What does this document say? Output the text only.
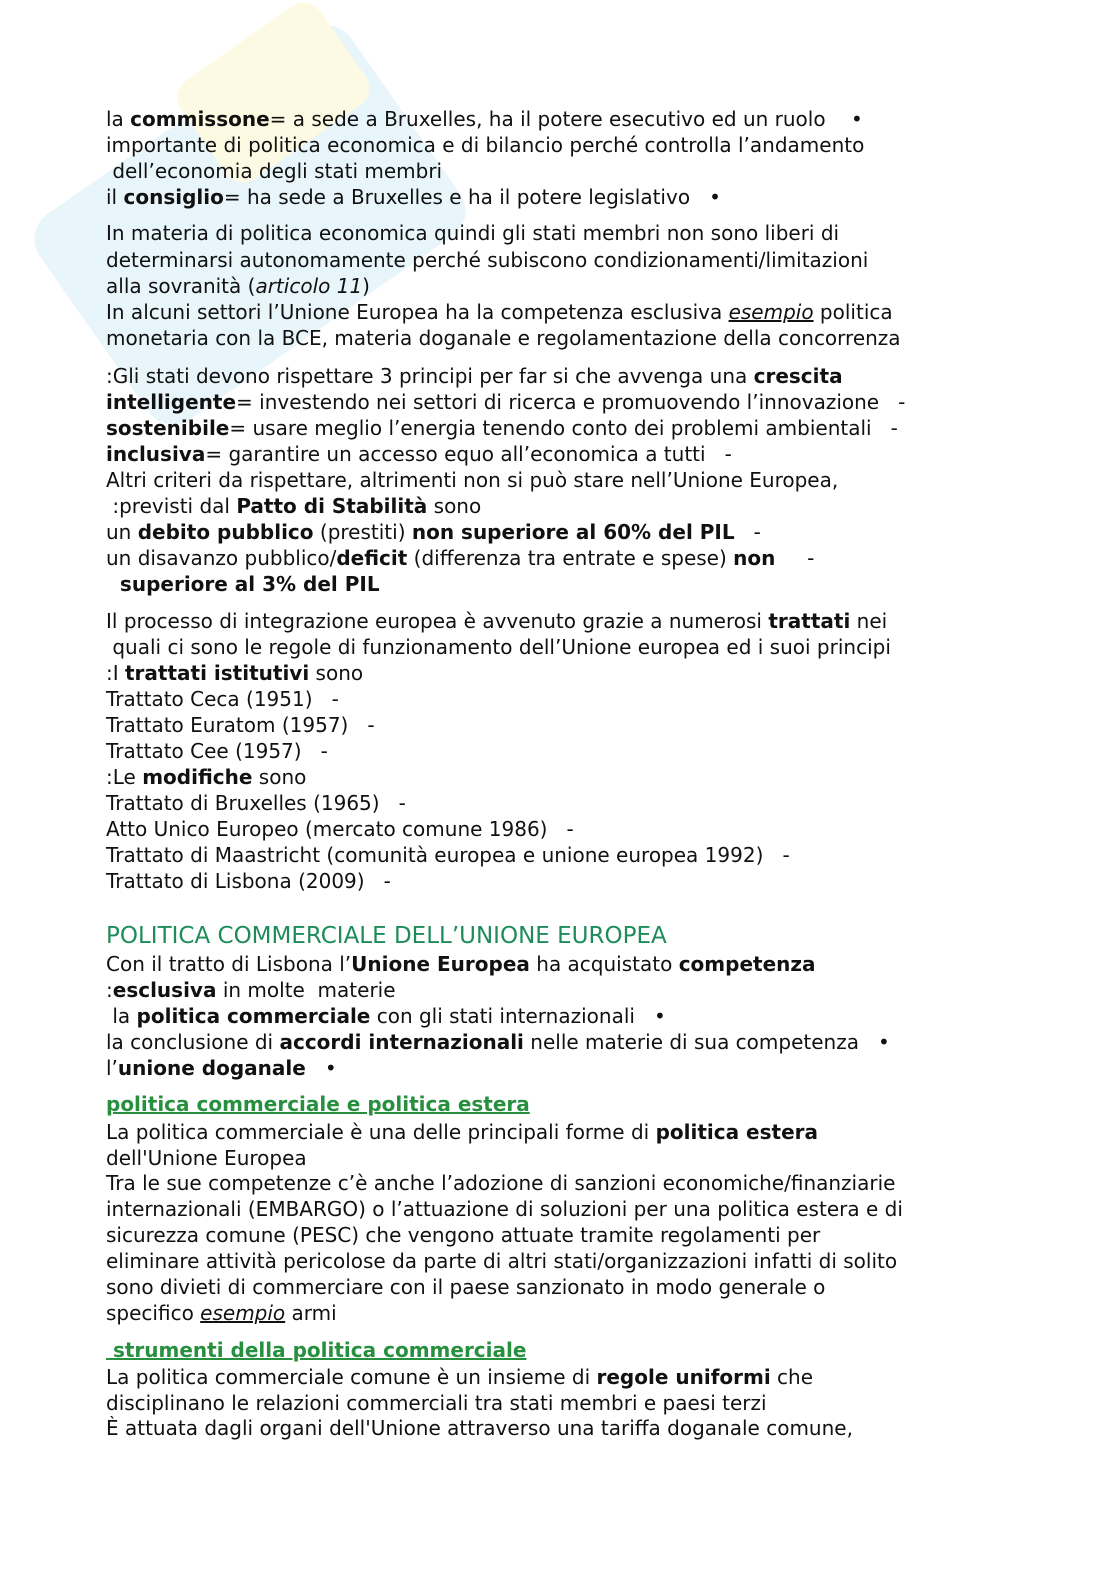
la commissone= a sede a Bruxelles, ha il potere esecutivo ed un ruolo    •
importante di politica economica e di bilancio perché controlla l’andamento
dell’economia degli stati membri
il consiglio= ha sede a Bruxelles e ha il potere legislativo   •
In materia di politica economica quindi gli stati membri non sono liberi di
determinarsi autonomamente perché subiscono condizionamenti/limitazioni
alla sovranità (articolo 11)
In alcuni settori l’Unione Europea ha la competenza esclusiva esempio politica
monetaria con la BCE, materia doganale e regolamentazione della concorrenza
:Gli stati devono rispettare 3 principi per far si che avvenga una crescita
intelligente= investendo nei settori di ricerca e promuovendo l’innovazione   -
sostenibile= usare meglio l’energia tenendo conto dei problemi ambientali   -
inclusiva= garantire un accesso equo all’economica a tutti   -
Altri criteri da rispettare, altrimenti non si può stare nell’Unione Europea,
:previsti dal Patto di Stabilità sono
un debito pubblico (prestiti) non superiore al 60% del PIL   -
un disavanzo pubblico/deficit (differenza tra entrate e spese) non     -
superiore al 3% del PIL
Il processo di integrazione europea è avvenuto grazie a numerosi trattati nei
quali ci sono le regole di funzionamento dell’Unione europea ed i suoi principi
:I trattati istitutivi sono
Trattato Ceca (1951)   -
Trattato Euratom (1957)   -
Trattato Cee (1957)   -
:Le modifiche sono
Trattato di Bruxelles (1965)   -
Atto Unico Europeo (mercato comune 1986)   -
Trattato di Maastricht (comunità europea e unione europea 1992)   -
Trattato di Lisbona (2009)   -
POLITICA COMMERCIALE DELL’UNIONE EUROPEA
Con il tratto di Lisbona l’Unione Europea ha acquistato competenza
:esclusiva in molte  materie
la politica commerciale con gli stati internazionali   •
la conclusione di accordi internazionali nelle materie di sua competenza   •
l’unione doganale   •
politica commerciale e politica estera
La politica commerciale è una delle principali forme di politica estera
dell'Unione Europea
Tra le sue competenze c’è anche l’adozione di sanzioni economiche/finanziarie
internazionali (EMBARGO) o l’attuazione di soluzioni per una politica estera e di
sicurezza comune (PESC) che vengono attuate tramite regolamenti per
eliminare attività pericolose da parte di altri stati/organizzazioni infatti di solito
sono divieti di commerciare con il paese sanzionato in modo generale o
specifico esempio armi
strumenti della politica commerciale
La politica commerciale comune è un insieme di regole uniformi che
disciplinano le relazioni commerciali tra stati membri e paesi terzi
È attuata dagli organi dell'Unione attraverso una tariffa doganale comune,
